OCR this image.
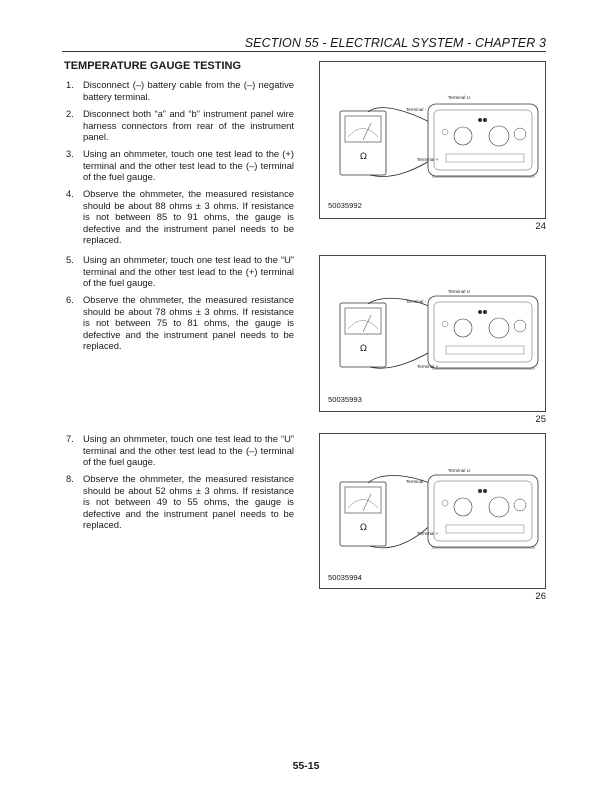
SECTION 55 - ELECTRICAL SYSTEM - CHAPTER 3
TEMPERATURE GAUGE TESTING
1. Disconnect (–) battery cable from the (–) negative battery terminal.
2. Disconnect both “a” and “b” instrument panel wire harness connectors from rear of the instrument panel.
3. Using an ohmmeter, touch one test lead to the (+) terminal and the other test lead to the (–) terminal of the fuel gauge.
4. Observe the ohmmeter, the measured resistance should be about 88 ohms ± 3 ohms. If resistance is not between 85 to 91 ohms, the gauge is defective and the instrument panel needs to be replaced.
5. Using an ohmmeter, touch one test lead to the “U” terminal and the other test lead to the (+) terminal of the fuel gauge.
6. Observe the ohmmeter, the measured resistance should be about 78 ohms ± 3 ohms. If resistance is not between 75 to 81 ohms, the gauge is defective and the instrument panel needs to be replaced.
7. Using an ohmmeter, touch one test lead to the “U” terminal and the other test lead to the (–) terminal of the fuel gauge.
8. Observe the ohmmeter, the measured resistance should be about 52 ohms ± 3 ohms. If resistance is not between 49 to 55 ohms, the gauge is defective and the instrument panel needs to be replaced.
Ω
Terminal U
Terminal -
Terminal +
50035992
24
Ω
Terminal U
Terminal -
Terminal +
50035993
25
Ω
Terminal U
Terminal -
Terminal +
50035994
26
55-15
